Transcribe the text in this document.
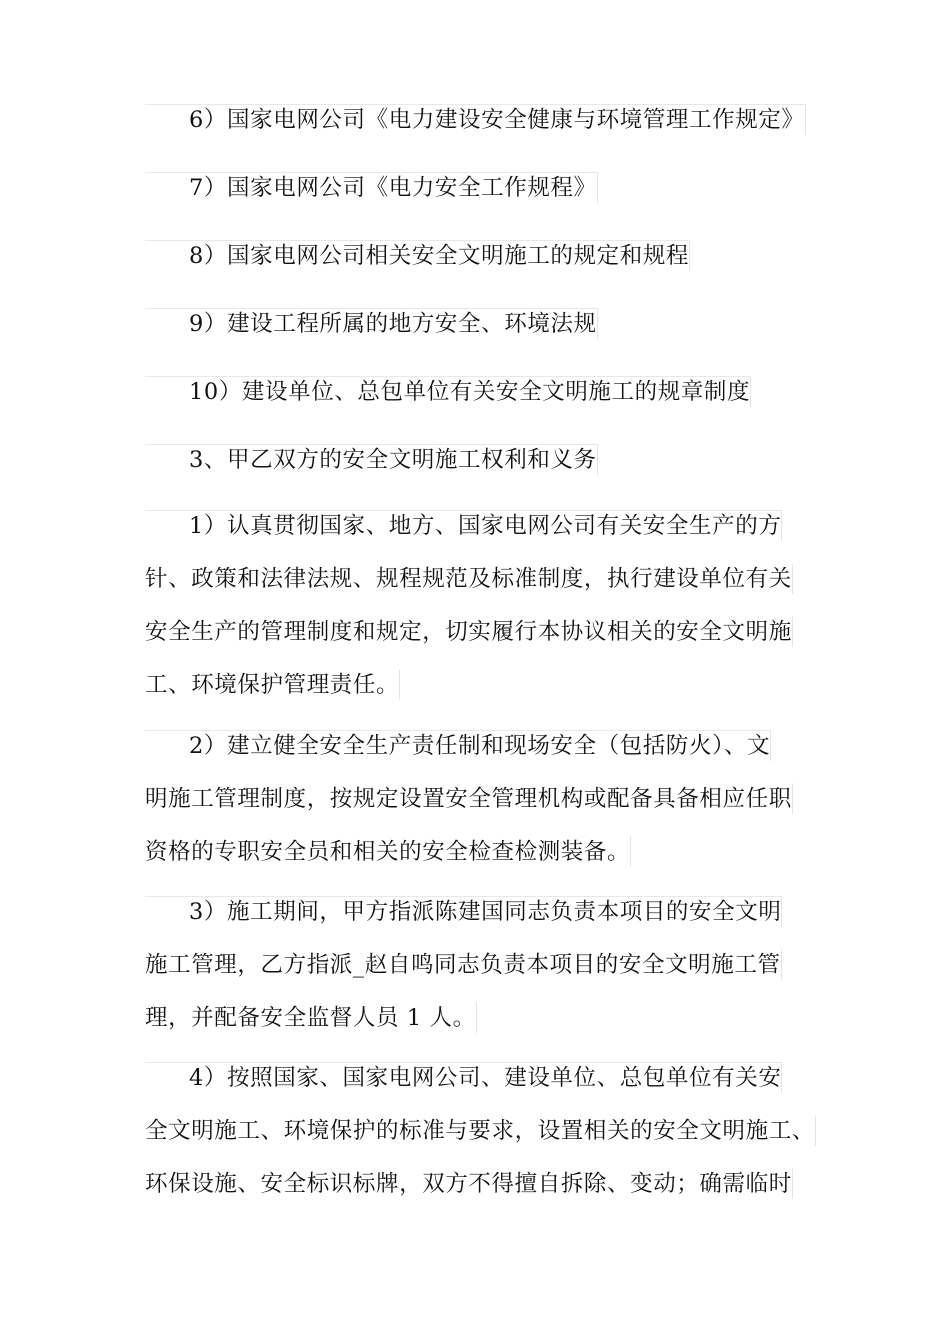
6）国家电网公司《电力建设安全健康与环境管理工作规定》
7）国家电网公司《电力安全工作规程》
8）国家电网公司相关安全文明施工的规定和规程
9）建设工程所属的地方安全、环境法规
10）建设单位、总包单位有关安全文明施工的规章制度
3、甲乙双方的安全文明施工权利和义务
1）认真贯彻国家、地方、国家电网公司有关安全生产的方
针、政策和法律法规、规程规范及标准制度，执行建设单位有关
安全生产的管理制度和规定，切实履行本协议相关的安全文明施
工、环境保护管理责任。
2）建立健全安全生产责任制和现场安全（包括防火）、文
明施工管理制度，按规定设置安全管理机构或配备具备相应任职
资格的专职安全员和相关的安全检查检测装备。
3）施工期间，甲方指派陈建国同志负责本项目的安全文明
施工管理，乙方指派_赵自鸣同志负责本项目的安全文明施工管
理，并配备安全监督人员 1 人。
4）按照国家、国家电网公司、建设单位、总包单位有关安
全文明施工、环境保护的标准与要求，设置相关的安全文明施工、
环保设施、安全标识标牌，双方不得擅自拆除、变动；确需临时
